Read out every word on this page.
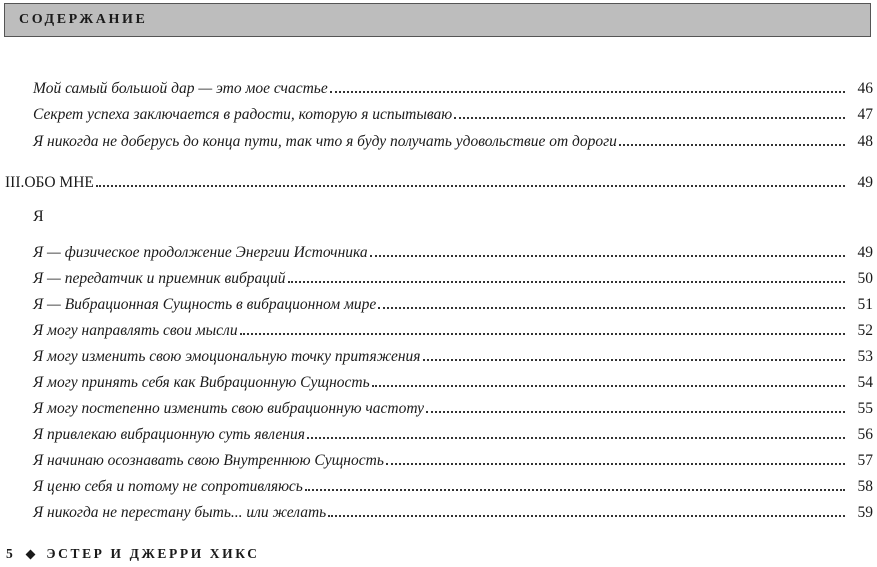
СОДЕРЖАНИЕ
Мой самый большой дар — это мое счастье	46
Секрет успеха заключается в радости, которую я испытываю	47
Я никогда не доберусь до конца пути, так что я буду получать удовольствие от дороги	48
III.ОБО МНЕ	49
Я
Я — физическое продолжение Энергии Источника	49
Я — передатчик и приемник вибраций	50
Я — Вибрационная Сущность в вибрационном мире	51
Я могу направлять свои мысли	52
Я могу изменить свою эмоциональную точку притяжения	53
Я могу принять себя как Вибрационную Сущность	54
Я могу постепенно изменить свою вибрационную частоту	55
Я привлекаю вибрационную суть явления	56
Я начинаю осознавать свою Внутреннюю Сущность	57
Я ценю себя и потому не сопротивляюсь	58
Я никогда не перестану быть... или желать	59
5 ЭСТЕР И ДЖЕРРИ ХИКС
